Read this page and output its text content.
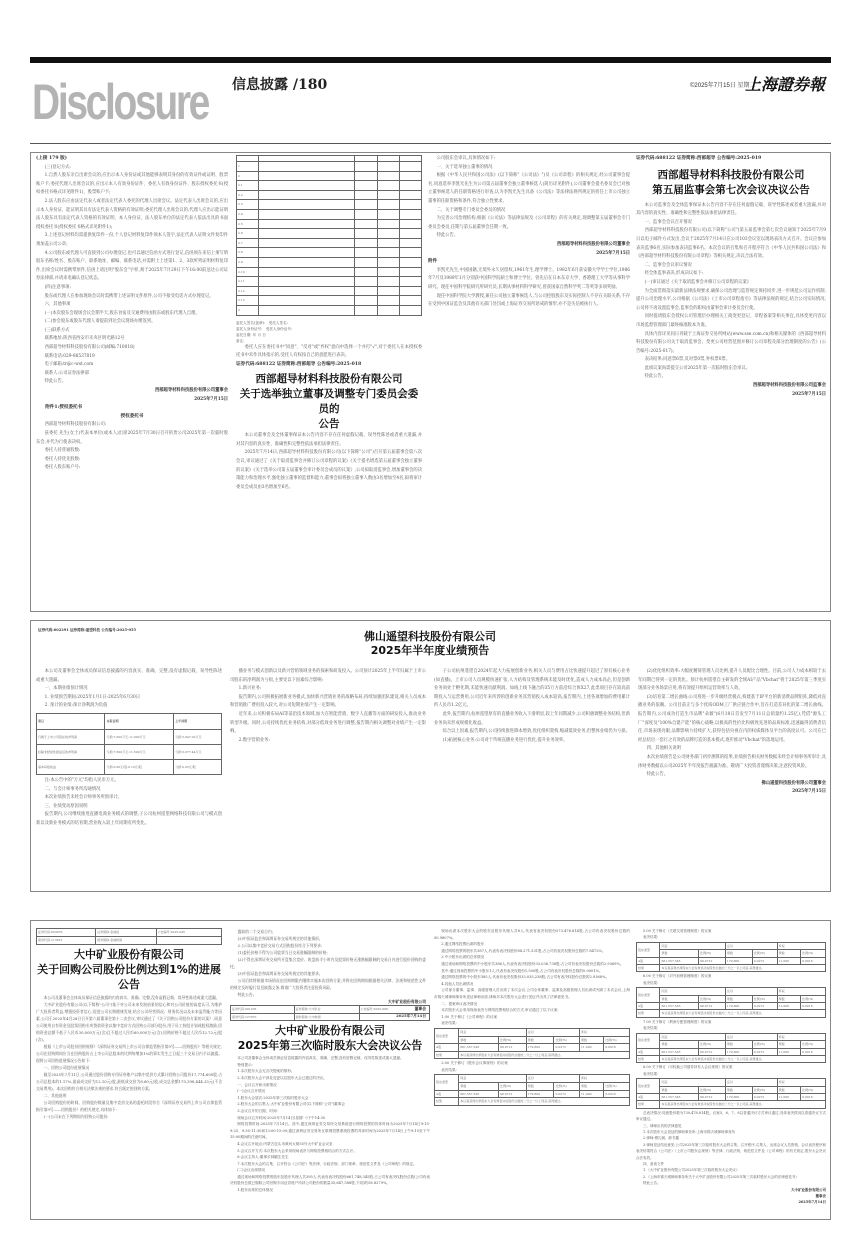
Disclosure 信息披露 /180	©2025年7月15日 星期二
上海證券報
(上接 179 版)

(三)登记方式:

1.自然人股东亲自出席会议的,应出示本人身份证或其他能够表明其身份的有效证件或证明、股票账户卡;委托代理人出席会议的,应出示本人有效身份证件、委托人有效身份证件、股东授权委托书(授权委托书格式详见附件1)、股票账户卡;

2.法人股东应由法定代表人或者法定代表人委托的代理人出席会议。法定代表人出席会议的,应出示本人身份证、能证明其具有法定代表人资格的有效证明;委托代理人出席会议的,代理人应出示能证明法人股东具有法定代表人资格的有效证明、本人身份证、法人股东单位的法定代表人依法出具的书面授权委托书(授权委托书格式详见附件1);

3.上述登记材料均需提供复印件一份,个人登记材料复印件须本人签字,法定代表人证明文件复印件须加盖公司公章;

4.公司股东或代理人可直接到公司办理登记,也可以通过信函方式进行登记,信函须在来信上须写明股东名称/姓名、股东账户、联系地址、邮编、联系电话,并需附上上述第1、2、3款所列证明材料复印件,出席会议时需携带原件,信函上请注明"股东会"字样,须于2025年7月29日下午16:00前送达公司证券法律部,并请来电确认登记状态。

(四)注意事项:

股东或代理人在参加现场会议时需携带上述证明文件原件,公司不接受电话方式办理登记。

六、其他事项

(一)本次股东会现场会议会期半天,股东食宿及交通费用由股东或股东代理人自理。

(二)参会股东或股东代理人请提前到达会议现场办理签到。

(三)联系方式

联系地址:陕西省西安市未央区明光路12号

西部超导材料科技股份有限公司(邮编:710018)

联系电话:029-86537819

电子邮箱:tr@c-wst.com

联系人:公司证券法律部

特此公告。

西部超导材料科技股份有限公司董事会
2025年7月15日

附件1:授权委托书

授权委托书

西部超导材料科技股份有限公司:

兹委托 先生(女士)代表本单位(或本人)出席2025年7月30日召开的贵公司2025年第一次临时股东会,并代为行使表决权。

委托人持普通股数:

委托人持优先股数:

委托人股东账户号:

1				
2				
2.1				
2.2				
2.3				
2.4				
2.5				
2.6				
2.7				
2.8				
2.9				
2.10				
2.11				
2.12				
2.13				
3				
委托人签名(盖章): 受托人签名:
委托人身份证号: 受托人身份证号:
委托日期: 年 月 日
备注:

委托人应在委托书中"同意"、"反对"或"弃权"意向中选择一个并打"√",对于委托人在本授权委托书中未作具体指示的,受托人有权按自己的意愿进行表决。

证券代码:688122 证券简称:西部超导 公告编号:2025-018
西部超导材料科技股份有限公司
关于选举独立董事及调整专门委员会委员的
公告

本公司董事会及全体董事保证本公告内容不存在任何虚假记载、误导性陈述或者重大遗漏,并对其内容的真实性、准确性和完整性依法承担法律责任。

2025年7月14日,西部超导材料科技股份有限公司(以下简称"公司")召开第五届董事会第八次会议,审议通过了《关于取消监事会并修订公司章程的议案》《关于提名增选第五届董事会独立董事的议案》《关于选举公司第五届董事会审计委员会成员的议案》,公司拟取消监事会,增加董事会的决策能力和治理水平,强化独立董事的监督和能力,董事会拟将独立董事人数由3名增加至4名,拟将审计委员会成员由3名增加至6名。

公司股东会审议,具体情况如下:

一、关于选举独立董事的情况

根据《中华人民共和国公司法》(以下简称"《公司法》")及《公司章程》的相关规定,经公司董事会提名,同意选举李凯光先生为公司第五届董事会独立董事候选人(简历详见附件),公司董事会提名委员会已对独立董事候选人的任职资格进行审查,认为李凯光先生具备《公司法》等法律法规所规定的担任上市公司独立董事的任职资格和条件,符合独立性要求。

二、关于调整专门委员会委员的情况

为完善公司治理结构,根据《公司法》等法律法规及《公司章程》的有关规定,现调整第五届董事会专门委员会委员,任期与第五届董事会任期一致。

特此公告。

西部超导材料科技股份有限公司董事会
2025年7月15日
附件

李凯光先生,中国国籍,无境外永久居留权,1961年生,理学博士。1982年6月获安徽大学学士学位,1986年7月及1989年1月分别获中国科学院硕士和博士学位。曾先后在日本东京大学、香港理工大学等从事科学研究。现任中国科学院研究所研究员,长期从事材料科学研究,曾获国家自然科学奖二等奖等多项奖励。

现任中国科学院大学教授,兼任公司独立董事候选人,与公司控股股东及实际控制人不存在关联关系,不存在受到中国证监会及其他有关部门处罚或上海证券交易所惩戒的情形,亦不是失信被执行人。

证券代码:688122 证券简称:西部超导 公告编号:2025-019
西部超导材料科技股份有限公司
第五届监事会第七次会议决议公告

本公司监事会及全体监事保证本公告内容不存在任何虚假记载、误导性陈述或者重大遗漏,并对其内容的真实性、准确性和完整性依法承担法律责任。

一、监事会会议召开情况

西部超导材料科技股份有限公司(以下简称"公司")第五届监事会第七次会议通知于2025年7月9日以电子邮件方式发出,会议于2025年7月14日在公司103会议室以现场表决方式召开。会议应参加表决监事6名,实际参加表决监事6名。本次会议的召集和召开程序符合《中华人民共和国公司法》和《西部超导材料科技股份有限公司章程》等相关规定,决议合法有效。

二、监事会会议审议情况

经全体监事表决,形成决议如下:

(一)审议通过《关于取消监事会并修订公司章程的议案》

为全面贯彻落实最新法律法规要求,确保公司治理与监管规定保持同步,进一步规范公司运作机制,提升公司治理水平,公司根据《公司法》《上市公司章程指引》等法律法规的规定,结合公司实际情况,公司将不再设置监事会,监事会的职权由董事会审计委员会行使。

同时提请股东会授权公司管理层办理相关工商变更登记、章程备案等相关事宜,具体变更内容以市场监督管理部门最终核准版本为准。

具体内容详见同日刊载于上海证券交易所网站(www.sse.com.cn)和相关媒体的《西部超导材料科技股份有限公司关于取消监事会、变更公司经营范围并修订公司章程及部分治理制度的公告》(公告编号:2025-017)。

表决结果:同意票6票,反对票0票,弃权票0票。

此项议案尚需提交公司2025年第一次临时股东会审议。

特此公告。

西部超导材料科技股份有限公司监事会
2025年7月15日
证券代码:002291 证券简称:遥望科技 公告编号:2025-055	佛山遥望科技股份有限公司
2025年半年度业绩预告

本公司及董事会全体成员保证信息披露的内容真实、准确、完整,没有虚假记载、误导性陈述或重大遗漏。

一、本期业绩预计情况

1. 业绩预告期间:2025年1月1日-2025年6月30日

2. 预计的业绩:预计净利润为负值

项目	本报告期	上年同期
归属于上市公司股东的净利润	亏损:7,000万元-11,000万元	亏损:5,947.02万元
扣除非经常性损益后的净利润	亏损:7,500万元-11,500万元	亏损:6,077.44万元
基本每股收益	亏损:0.06元/股-0.10元/股	亏损:0.05元/股

注:本公告中的"万元"均指人民币万元。

二、与会计师事务所沟通情况

本次业绩预告未经会计师事务所预审计。

三、业绩变动原因说明

报告期内,公司继续推进直播电商业务模式的调整,子公司杭州遥望网络科技有限公司与模式创新以及新业务模式的培育期,营业收入较上年同期有所变化。

播业务与模式创新以及新兴营销领域业务的探索和研发投入。公司预计2025年上半年归属于上市公司股东的净利润为亏损,主要受以下因素综合影响:

1.新兴业务:

报告期内,公司积极拓展新业务模式,加快新兴营销业务的战略布局,持续加强团队建设,相关人员成本和营销推广费用投入较大,对公司短期业绩产生一定影响。

近年来,公司积极布局AI等前沿技术领域,加大在智能营销、数字人直播等方面的研发投入,推动业务转型升级。同时,公司持续优化业务结构,对部分低效业务进行调整,报告期内相关调整对业绩产生一定影响。

2.数字营销业务:

子公司杭州遥望自2024年起大力拓展创新业务,相关人员与费用占比快速提升超过了原有核心业务(如直播)。上市公司人员规模快速扩张,人力结构及管理系统未能及时优化,造成人力成本高企,但是创新业务尚处于孵化期,未能快速贡献利润。如线上线下融合的35万方前沿综合体X27,此类项目存在较高前期投入与运营费用,公司近年来所涉的创新业务其营销投入成本较高,报告期内,上述各项增加的费用累计约人民币1.2亿元。

此外,报告期内,杭州遥望原有的直播业务收入下滑明显,较上年同期减少,公司积极调整业务结构,但新业务尚未形成规模化收益。

综合以上因素,报告期内,公司持续推进降本增效,优化组织架构,缩减低效业务,但整体业绩仍为亏损。

(1)拓展核心业务:公司对于传统直播业务进行优化,提升业务效率。

(2)优化组织效率:大幅度精简管理人员比例,提升人员配比合理性。目前,公司人力成本相较于去年同期已得到一定的优化。预计杭州遥望自主研发的全域AI产品"Vbchat"将于2025年第三季度实现部分业务场景应用,将有效提升组织运营效率与人效。

(3)培育第二增长曲线:公司将进一步升级经营模式,构建基于IP平台的新消费品牌矩阵,降低对直播业务的依赖。公司目前正与多个优质ODM工厂供应链合作中,旨在打造差异化的第二增长曲线。报告期内,公司成功打造生市品牌"朵薇"(6月18日首发至7月11日总销量约1.25亿),凭借"源头工厂"深度及"100%自建产能"的核心战略,以极高的性价比和极致先进的品质标准,迅速赢得消费者信任,市场表现亮眼,品牌影响力持续扩大,获得包括央视在内的权威媒体及平台的高度认可。公司在已经总结出一套行之有效的品牌打造的基本模式,逐步推动"Vbchat"的落地运用。

四、其他相关说明

本次业绩预告是公司财务部门初步测算的结果,业绩预告相关财务数据未经会计师事务所审计,具体财务数据以公司2025年半年度报告披露为准。敬请广大投资者谨慎决策,注意投资风险。

特此公告。

佛山遥望科技股份有限公司董事会
2025年7月15日
证券代码:603979	证券简称:金诚信	公告编号:2025-045
债券代码:113615	债券简称:金诚转债	
大中矿业股份有限公司
关于回购公司股份比例达到1%的进展公告

本公司及董事会全体成员保证信息披露的内容真实、准确、完整,没有虚假记载、误导性陈述或重大遗漏。

大中矿业股份有限公司(以下简称"公司")基于对公司未来发展前景的信心和对公司价值的高度认可,为维护广大投资者利益,增强投资者信心,促进公司长期健康发展,结合公司经营情况、财务状况以及未来盈利能力等因素,公司于2025年4月28日召开第六届董事会第十二次会议,审议通过了《关于回购公司股份方案的议案》,同意公司使用自有资金及股票回购专项贷款资金以集中竞价方式回购公司部分股份,用于员工持股计划或股权激励,回购资金总额不低于人民币30,000万元(含)且不超过人民币60,000万元(含),回购价格不超过人民币12.72元/股(含)。

根据《上市公司股份回购规则》《深圳证券交易所上市公司自律监管指引第9号——回购股份》等相关规定,公司在回购期间应当在回购股份占上市公司总股本的比例每增加1%的事实发生之日起三个交易日内予以披露。现将公司回购进展情况公告如下:

一、回购公司股份进展情况

截至2025年7月11日,公司通过股份回购专用证券账户以集中竞价方式累计回购公司股份17,774,600股,占公司总股本的1.17%,最高成交价为12.10元/股,最低成交价为8.60元/股,成交总金额170,398,444.25元(不含交易费用)。本次回购符合相关法律法规的要求,符合既定的回购方案。

二、其他说明

公司回购股份的时间、回购股份数量及集中竞价交易的委托时段符合《深圳证券交易所上市公司自律监管指引第9号——回购股份》的相关规定,具体如下:

(一)公司未在下列期间内回购公司股份:

露前的二个交易日内;

(2)中国证监会和深圳证券交易所规定的其他情形。

2.公司以集中竞价交易方式回购股份符合下列要求:

(1)委托价格不得为公司股票当日交易涨幅限制的价格;

(2)不得在深圳证券交易所开盘集合竞价、收盘前半小时内及股票价格无涨跌幅限制的交易日内进行股份回购的委托;

(3)中国证监会和深圳证券交易所规定的其他要求。

公司后续将根据市场情况在回购期限内继续实施本次回购方案,并将在回购期间根据相关法律、法规和规范性文件的规定及时履行信息披露义务,敬请广大投资者注意投资风险。

特此公告。

大中矿业股份有限公司
董事会
2025年7月14日
证券代码:001203	证券简称:大中矿业	公告编号:2025-086
债券代码:127070	债券简称:大中转债	
大中矿业股份有限公司
2025年第三次临时股东大会决议公告

本公司及董事会全体成员保证信息披露的内容真实、准确、完整,没有虚假记载、误导性陈述或重大遗漏。

特别提示:

1.本次股东大会无否决提案的情形。

2.本次股东大会不涉及变更以往股东大会已通过的决议。

一、会议召开和出席情况

(一)会议召开情况

1.股东大会届次:2025年第三次临时股东大会

2.股东大会的召集人:大中矿业股份有限公司(以下简称"公司")董事会

3.会议召开的日期、时间:

现场会议召开时间:2025年7月14日(星期一)下午14:30

网络投票时间:2025年7月14日。其中,通过深圳证券交易所交易系统进行网络投票的具体时间为2025年7月14日9:15-9:25、9:30-11:30和13:00-15:00;通过深圳证券交易所互联网投票系统投票的具体时间为2025年7月14日上午9:15至下午15:00期间的任意时间。

4.会议召开地点:内蒙古包头市黄河大街55号大中矿业会议室

5.会议召开方式:本次股东大会采用现场表决与网络投票相结合的方式召开。

6.会议主持人:董事长林圃生先生

7.本次股东大会的召集、召开符合《公司法》等法律、行政法规、部门规章、规范性文件及《公司章程》的规定。

(二)会议出席情况

通过现场和网络投票的股东及股东代理人共395人,代表有表决权股份661,748,345股,占公司有表决权股份总数(公司有表决权股份总数已剔除公司回购专用证券账户所持公司股份的数量35,647,588股,下同)的58.8279%。

1.股东出席的总体情况

现场出席本次股东大会的股东及股东代理人共8人,代表有表决权股份573,476,814股,占公司有表决权股份总数的50.9807%。

2.通过网络投票出席的股东

通过网络投票的股东共387人,代表有表决权股份88,271,531股,占公司有表决权股份总数的7.8472%。

3.中小股东出席的总体情况

通过现场和网络投票的中小股东共386人,代表有表决权股份33,036,738股,占公司有表决权股份总数的2.9369%。

其中:通过现场投票的中小股东1人,代表有表决权股份1,500股,占公司有表决权股份总数的0.0001%。

通过网络投票的中小股东385人,代表有表决权股份33,035,238股,占公司有表决权股份总数的2.9368%。

4.其他人员出席情况

公司部分董事、监事、高级管理人员出席了本次会议,公司全体董事、监事及高级管理人员出席或列席了本次会议,上海市锦天城律师事务所见证律师出席,律师对本次股东大会进行见证并出具了法律意见书。

二、提案审议表决情况

本次股东大会采用现场表决与网络投票相结合的方式,审议通过了以下议案:

1.00 关于修订《公司章程》的议案

表决结果:

股东类型	同意	反对	弃权
票数	比例(%)	票数	比例(%)	票数	比例(%)
A股	661,557,545	99.9712	179,800	0.0272	11,000	0.0016
结果	本议案获得出席股东大会有效表决权股份总数的二分之一以上同意,获得通过。

2.00 关于修订《股东会议事规则》的议案

表决结果:

股东类型	同意	反对	弃权
票数	比例(%)	票数	比例(%)	票数	比例(%)
A股	661,557,545	99.9712	179,800	0.0272	11,000	0.0016
结果	本议案获得出席股东大会有效表决权股份总数的二分之一以上同意,获得通过。

5.00 关于修订《关联交易管理制度》的议案

表决结果:

股东类型	同意	反对	弃权
票数	比例(%)	票数	比例(%)	票数	比例(%)
A股	661,557,545	99.9712	179,800	0.0272	11,000	0.0016
结果	本议案获得出席股东大会有效表决权股份总数的二分之一以上同意,获得通过。

6.00 关于修订《对外担保管理制度》的议案

表决结果:

股东类型	同意	反对	弃权
票数	比例(%)	票数	比例(%)	票数	比例(%)
A股	661,557,545	99.9712	179,800	0.0272	11,000	0.0016
结果	本议案获得出席股东大会有效表决权股份总数的二分之一以上同意,获得通过。

7.00 关于修订《利润分配管理制度》的议案

表决结果:

股东类型	同意	反对	弃权
票数	比例(%)	票数	比例(%)	票数	比例(%)
A股	661,557,545	99.9712	179,800	0.0272	11,000	0.0016
结果	本议案获得出席股东大会有效表决权股份总数的二分之一以上同意,获得通过。

8.00 关于修订《可转换公司债券持有人会议规则》的议案

表决结果:

股东类型	同意	反对	弃权
票数	比例(%)	票数	比例(%)	票数	比例(%)
A股	661,557,545	99.9712	179,800	0.0272	11,000	0.0016
结果	本议案获得出席股东大会有效表决权股份总数的二分之一以上同意,获得通过。

总表决情况:同意股份数为730,478,814股。议案5、6、7、8以普通决议方式审议通过,具体表决情况以普通决议方式审议通过。

三、律师出具的法律意见

1.本次股东大会见证的律师事务所:上海市锦天城律师事务所

2.律师:傅礼朝、薛书鑫

3.律师见证结论意见:公司2025年第三次临时股东大会的召集、召开程序,召集人、出席会议人员资格、会议表决程序和表决结果符合《公司法》《上市公司股东会规则》等法律、行政法规、规范性文件及《公司章程》的有关规定,股东大会决议合法有效。

四、备查文件

1.《大中矿业股份有限公司2025年第三次临时股东大会决议》

2.《上海市锦天城律师事务所关于大中矿业股份有限公司2025年第三次临时股东大会的法律意见书》

特此公告。

大中矿业股份有限公司
董事会
2025年7月14日
